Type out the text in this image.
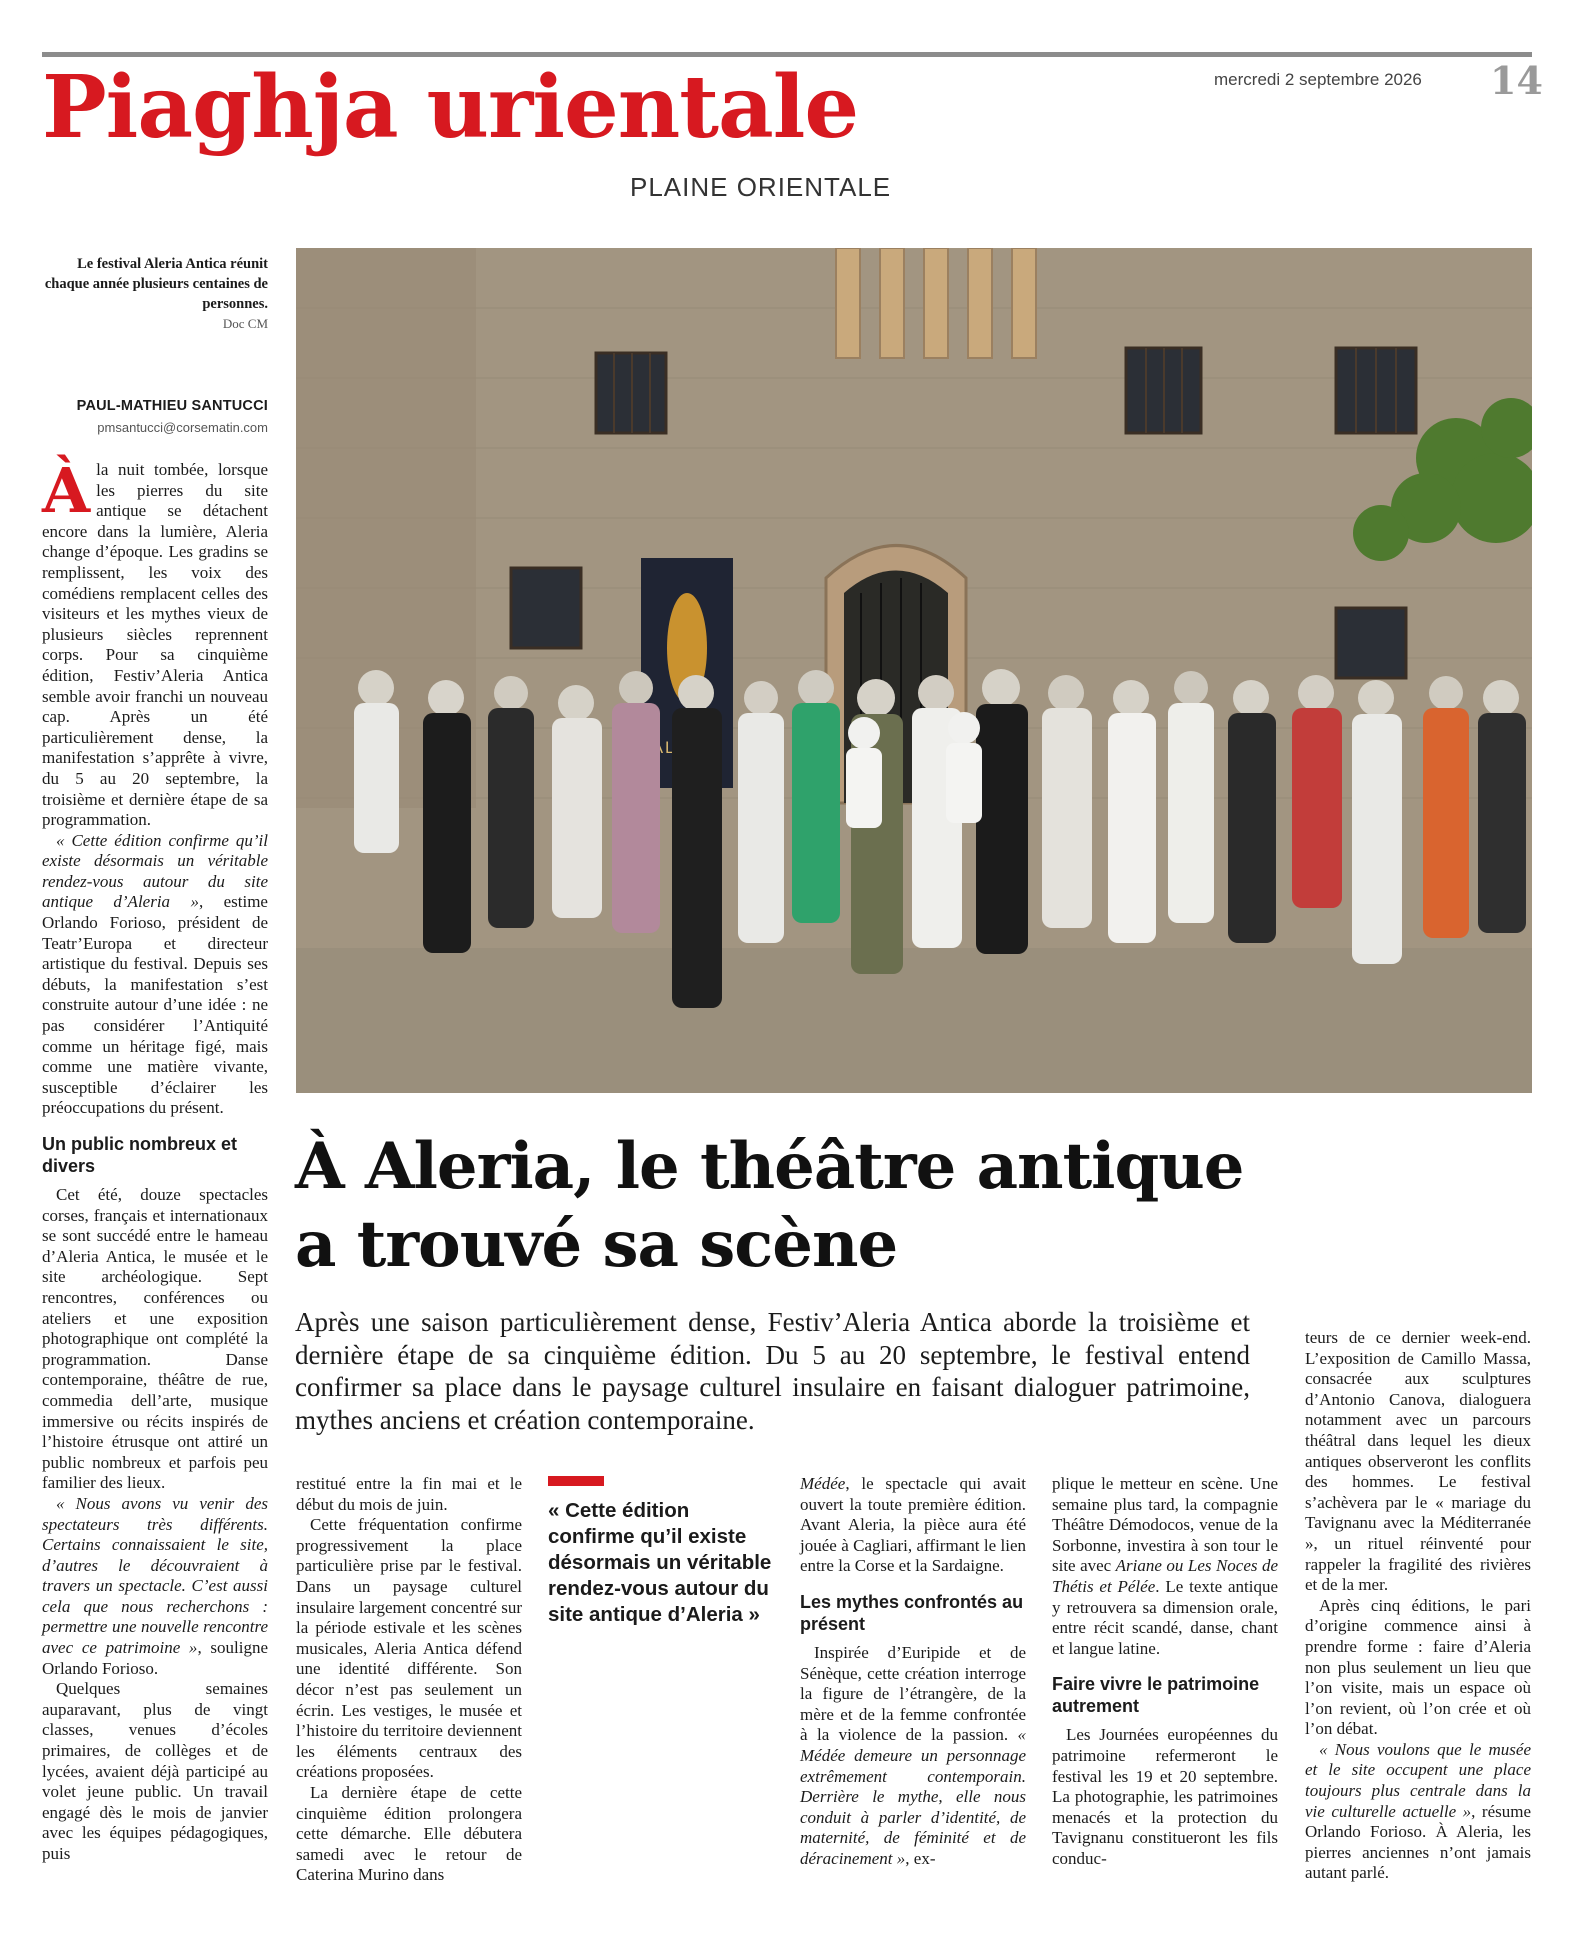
Piaghja urientale
PLAINE ORIENTALE
mercredi 2 septembre 2026 14
Le festival Aleria Antica réunit chaque année plusieurs centaines de personnes.
Doc CM
PAUL-MATHIEU SANTUCCI
pmsantucci@corsematin.com

Àla nuit tombée, lorsque les pierres du site antique se détachent encore dans la lumière, Aleria change d’époque. Les gradins se remplissent, les voix des comédiens remplacent celles des visiteurs et les mythes vieux de plusieurs siècles reprennent corps. Pour sa cinquième édition, Festiv’Aleria Antica semble avoir franchi un nouveau cap. Après un été particulièrement dense, la manifestation s’apprête à vivre, du 5 au 20 septembre, la troisième et dernière étape de sa programmation.

« Cette édition confirme qu’il existe désormais un véritable rendez-vous autour du site antique d’Aleria », estime Orlando Forioso, président de Teatr’Europa et directeur artistique du festival. Depuis ses débuts, la manifestation s’est construite autour d’une idée : ne pas considérer l’Antiquité comme un héritage figé, mais comme une matière vivante, susceptible d’éclairer les préoccupations du présent.

Un public nombreux et divers

Cet été, douze spectacles corses, français et internationaux se sont succédé entre le hameau d’Aleria Antica, le musée et le site archéologique. Sept rencontres, conférences ou ateliers et une exposition photographique ont complété la programmation. Danse contemporaine, théâtre de rue, commedia dell’arte, musique immersive ou récits inspirés de l’histoire étrusque ont attiré un public nombreux et parfois peu familier des lieux.

« Nous avons vu venir des spectateurs très différents. Certains connaissaient le site, d’autres le découvraient à travers un spectacle. C’est aussi cela que nous recherchons : permettre une nouvelle rencontre avec ce patrimoine », souligne Orlando Forioso.

Quelques semaines auparavant, plus de vingt classes, venues d’écoles primaires, de collèges et de lycées, avaient déjà participé au volet jeune public. Un travail engagé dès le mois de janvier avec les équipes pédagogiques, puis

À Aleria, le théâtre antique
a trouvé sa scène
Après une saison particulièrement dense, Festiv’Aleria Antica aborde la troisième et dernière étape de sa cinquième édition. Du 5 au 20 septembre, le festival entend confirmer sa place dans le paysage culturel insulaire en faisant dialoguer patrimoine, mythes anciens et création contemporaine.

restitué entre la fin mai et le début du mois de juin.

Cette fréquentation confirme progressivement la place particulière prise par le festival. Dans un paysage culturel insulaire largement concentré sur la période estivale et les scènes musicales, Aleria Antica défend une identité différente. Son décor n’est pas seulement un écrin. Les vestiges, le musée et l’histoire du territoire deviennent les éléments centraux des créations proposées.

La dernière étape de cette cinquième édition prolongera cette démarche. Elle débutera samedi avec le retour de Caterina Murino dans

« Cette édition confirme qu’il existe désormais un véritable rendez-vous autour du site antique d’Aleria »

Médée, le spectacle qui avait ouvert la toute première édition. Avant Aleria, la pièce aura été jouée à Cagliari, affirmant le lien entre la Corse et la Sardaigne.

Les mythes confrontés au présent

Inspirée d’Euripide et de Sénèque, cette création interroge la figure de l’étrangère, de la mère et de la femme confrontée à la violence de la passion. « Médée demeure un personnage extrêmement contemporain. Derrière le mythe, elle nous conduit à parler d’identité, de maternité, de féminité et de déracinement », ex-

plique le metteur en scène. Une semaine plus tard, la compagnie Théâtre Démodocos, venue de la Sorbonne, investira à son tour le site avec Ariane ou Les Noces de Thétis et Pélée. Le texte antique y retrouvera sa dimension orale, entre récit scandé, danse, chant et langue latine.

Faire vivre le patrimoine autrement

Les Journées européennes du patrimoine refermeront le festival les 19 et 20 septembre. La photographie, les patrimoines menacés et la protection du Tavignanu constitueront les fils conduc-

teurs de ce dernier week-end. L’exposition de Camillo Massa, consacrée aux sculptures d’Antonio Canova, dialoguera notamment avec un parcours théâtral dans lequel les dieux antiques observeront les conflits des hommes. Le festival s’achèvera par le « mariage du Tavignanu avec la Méditerranée », un rituel réinventé pour rappeler la fragilité des rivières et de la mer.

Après cinq éditions, le pari d’origine commence ainsi à prendre forme : faire d’Aleria non plus seulement un lieu que l’on visite, mais un espace où l’on revient, où l’on crée et où l’on débat.

« Nous voulons que le musée et le site occupent une place toujours plus centrale dans la vie culturelle actuelle », résume Orlando Forioso. À Aleria, les pierres anciennes n’ont jamais autant parlé.
